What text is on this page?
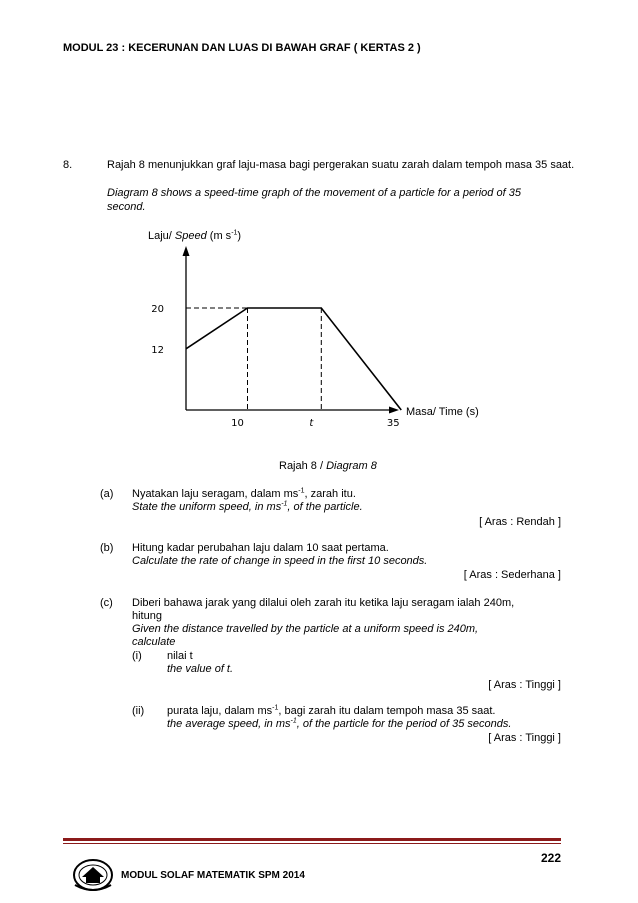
MODUL 23 : KECERUNAN DAN LUAS DI BAWAH GRAF ( KERTAS 2 )
8.	Rajah 8 menunjukkan graf laju-masa bagi pergerakan suatu zarah dalam tempoh masa 35 saat.
Diagram 8 shows a speed-time graph of the movement of a particle for a period of 35 second.
20
12
10	t	35
Laju/ Speed (m $s^{-1}$)
Masa/ Time (s)
Rajah 8 / Diagram 8
(a) Nyatakan laju seragam, dalam $ms^{-1}$, zarah itu.
State the uniform speed, in $ms^{-1}$, of the particle.
[ Aras : Rendah ]
(b) Hitung kadar perubahan laju dalam 10 saat pertama.
Calculate the rate of change in speed in the first 10 seconds.
[ Aras : Sederhana ]
(c) Diberi bahawa jarak yang dilalui oleh zarah itu ketika laju seragam ialah 240m,
hitung
Given the distance travelled by the particle at a uniform speed is 240m,
calculate
(i) nilai t
the value of t.
[ Aras : Tinggi ]
(ii) purata laju, dalam $ms^{-1}$, bagi zarah itu dalam tempoh masa 35 saat.
the average speed, in $ms^{-1}$, of the particle for the period of 35 seconds.
[ Aras : Tinggi ]
222
MODUL SOLAF MATEMATIK SPM 2014
